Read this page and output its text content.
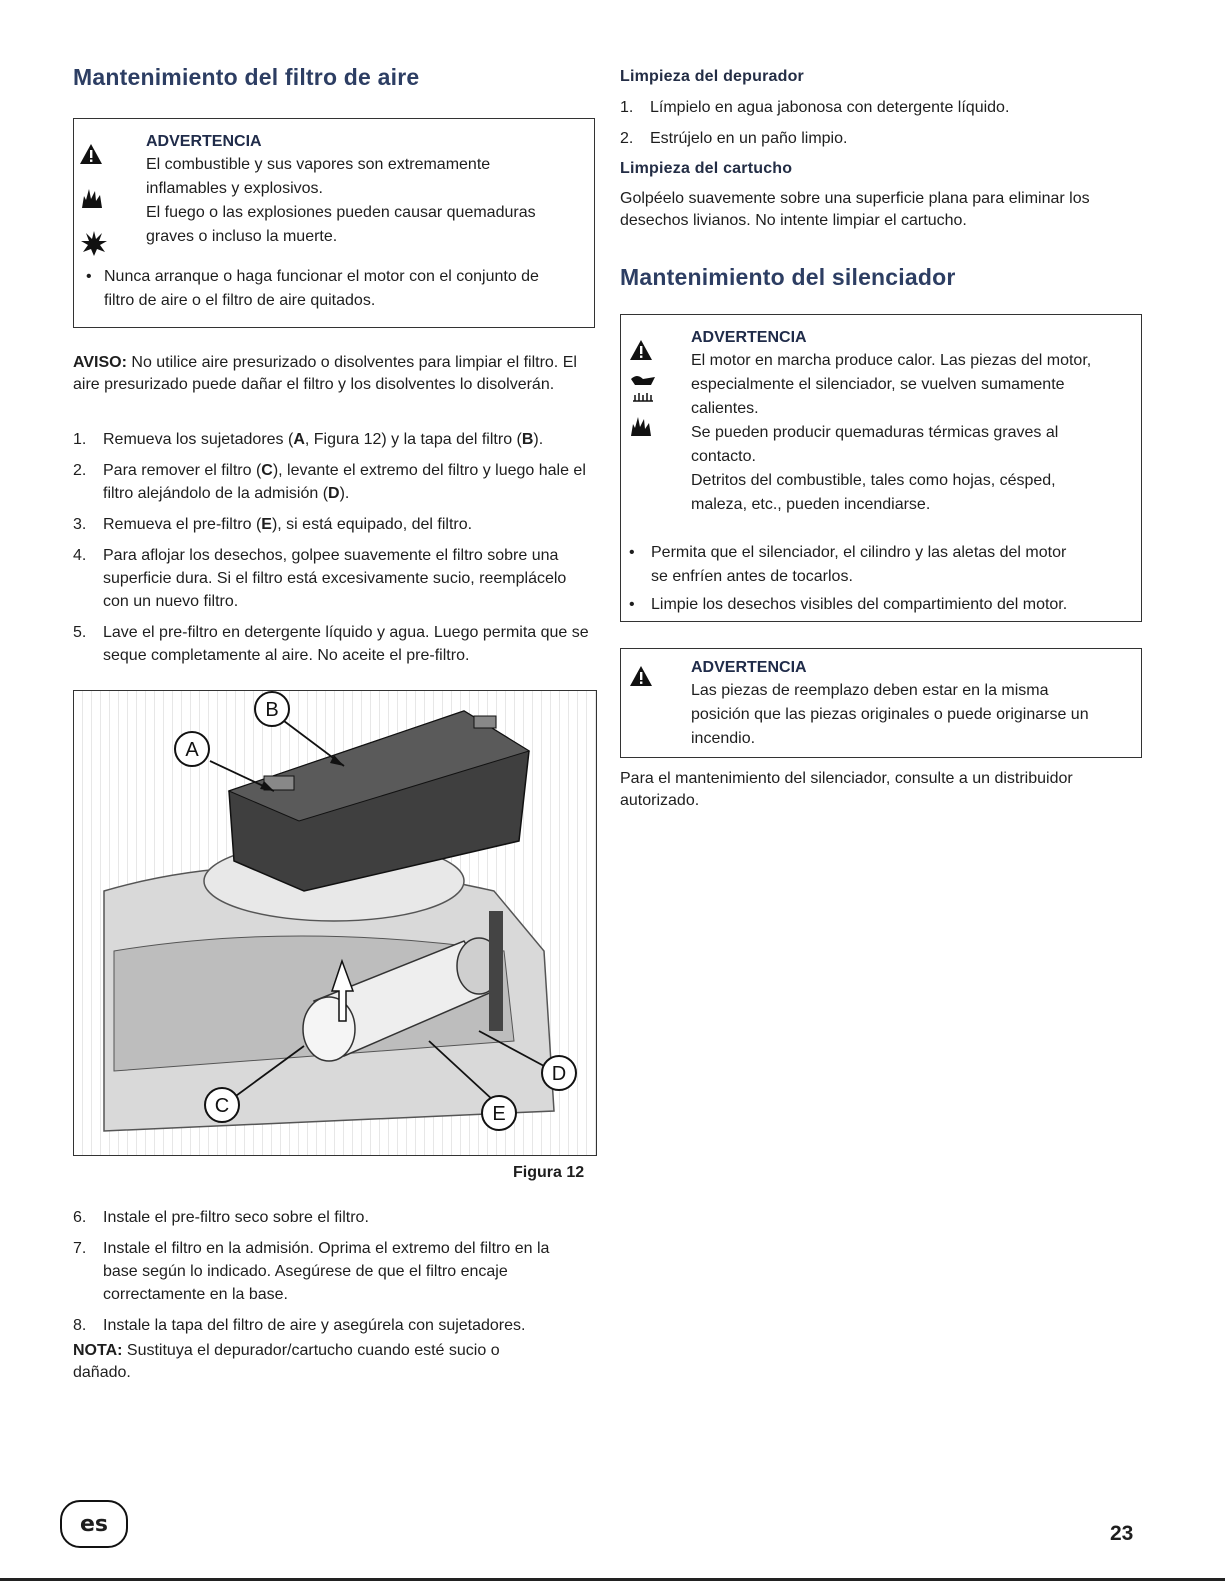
Mantenimiento del filtro de aire
ADVERTENCIA
El combustible y sus vapores son extremamente
inflamables y explosivos.
El fuego o las explosiones pueden causar quemaduras
graves o incluso la muerte.
• Nunca arranque o haga funcionar el motor con el conjunto de
filtro de aire o el filtro de aire quitados.

AVISO: No utilice aire presurizado o disolventes para limpiar el filtro. El aire presurizado puede dañar el filtro y los disolventes lo disolverán.

1.	Remueva los sujetadores (A, Figura 12) y la tapa del filtro (B).
2.	Para remover el filtro (C), levante el extremo del filtro y luego hale el filtro alejándolo de la admisión (D).
3.	Remueva el pre-filtro (E), si está equipado, del filtro.
4.	Para aflojar los desechos, golpee suavemente el filtro sobre una superficie dura. Si el filtro está excesivamente sucio, reemplácelo con un nuevo filtro.
5.	Lave el pre-filtro en detergente líquido y agua. Luego permita que se seque completamente al aire. No aceite el pre-filtro.
A
B
C
D
E
Figura 12
6.	Instale el pre-filtro seco sobre el filtro.
7.	Instale el filtro en la admisión. Oprima el extremo del filtro en la base según lo indicado. Asegúrese de que el filtro encaje correctamente en la base.
8.	Instale la tapa del filtro de aire y asegúrela con sujetadores.

NOTA: Sustituya el depurador/cartucho cuando esté sucio o dañado.

Limpieza del depurador
1.	Límpielo en agua jabonosa con detergente líquido.
2.	Estrújelo en un paño limpio.
Limpieza del cartucho

Golpéelo suavemente sobre una superficie plana para eliminar los desechos livianos. No intente limpiar el cartucho.

Mantenimiento del silenciador
ADVERTENCIA
El motor en marcha produce calor. Las piezas del motor,
especialmente el silenciador, se vuelven sumamente
calientes.
Se pueden producir quemaduras térmicas graves al
contacto.
Detritos del combustible, tales como hojas, césped,
maleza, etc., pueden incendiarse.
• Permita que el silenciador, el cilindro y las aletas del motor
se enfríen antes de tocarlos.
• Limpie los desechos visibles del compartimiento del motor.
ADVERTENCIA
Las piezas de reemplazo deben estar en la misma
posición que las piezas originales o puede originarse un
incendio.

Para el mantenimiento del silenciador, consulte a un distribuidor autorizado.

es	23
